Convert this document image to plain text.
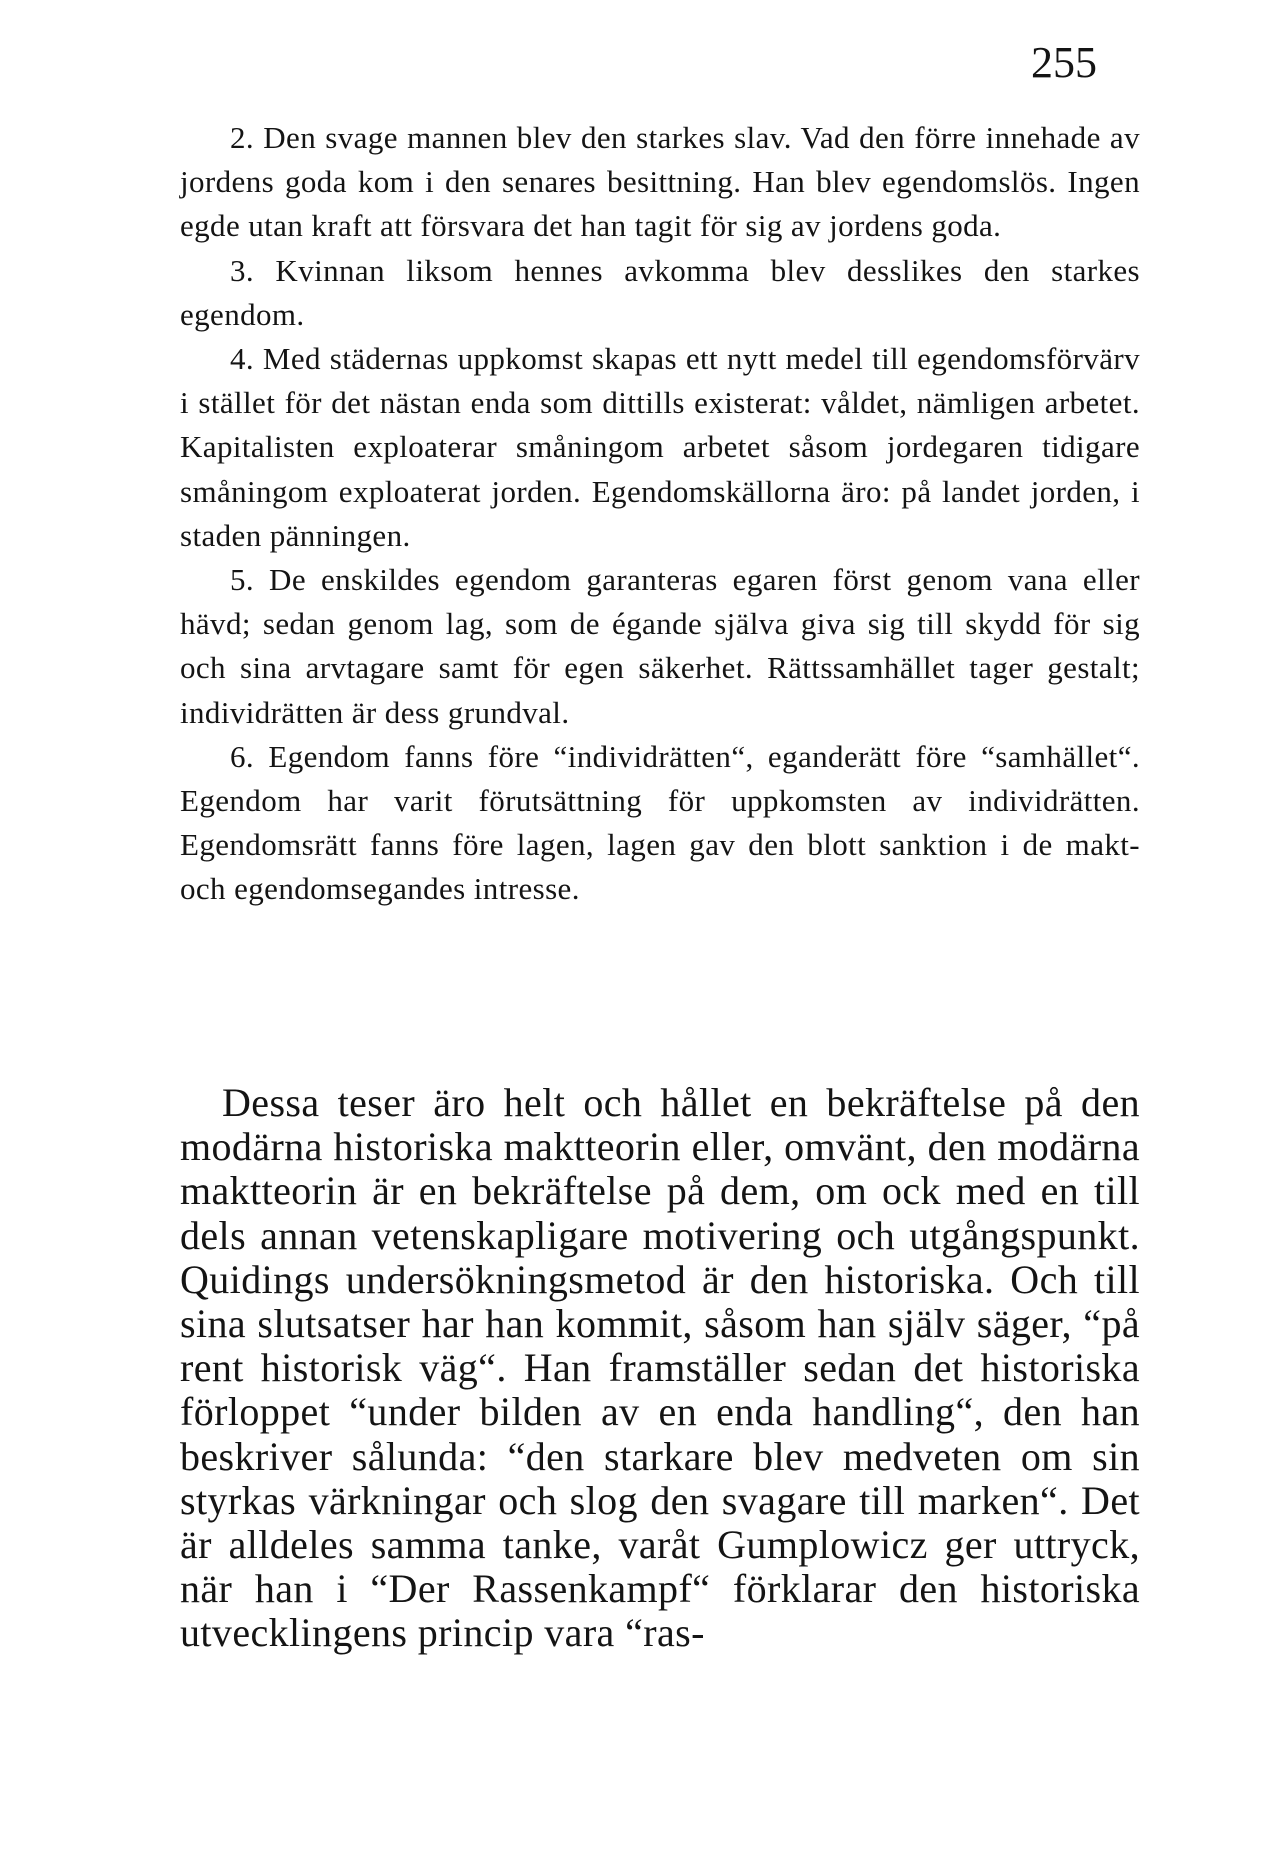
255

2. Den svage mannen blev den starkes slav. Vad den förre innehade av jordens goda kom i den senares besittning. Han blev egendomslös. Ingen egde utan kraft att försvara det han tagit för sig av jordens goda.

3. Kvinnan liksom hennes avkomma blev desslikes den starkes egendom.

4. Med städernas uppkomst skapas ett nytt medel till egendomsförvärv i stället för det nästan enda som dittills existerat: våldet, nämligen arbetet. Kapitalisten exploaterar småningom arbetet såsom jordegaren tidigare småningom exploaterat jorden. Egendomskällorna äro: på landet jorden, i staden pänningen.

5. De enskildes egendom garanteras egaren först genom vana eller hävd; sedan genom lag, som de égande själva giva sig till skydd för sig och sina arvtagare samt för egen säkerhet. Rättssamhället tager gestalt; individrätten är dess grundval.

6. Egendom fanns före “individrätten“, eganderätt före “samhället“. Egendom har varit förutsättning för uppkomsten av individrätten. Egendomsrätt fanns före lagen, lagen gav den blott sanktion i de makt- och egendomsegandes intresse.

Dessa teser äro helt och hållet en bekräftelse på den modärna historiska maktteorin eller, omvänt, den modärna maktteorin är en bekräftelse på dem, om ock med en till dels annan vetenskapligare motivering och utgångspunkt. Quidings undersökningsmetod är den historiska. Och till sina slutsatser har han kommit, såsom han själv säger, “på rent historisk väg“. Han framställer sedan det historiska förloppet “under bilden av en enda handling“, den han beskriver sålunda: “den starkare blev medveten om sin styrkas värkningar och slog den svagare till marken“. Det är alldeles samma tanke, varåt Gumplowicz ger uttryck, när han i “Der Rassenkampf“ förklarar den historiska utvecklingens princip vara “ras-
